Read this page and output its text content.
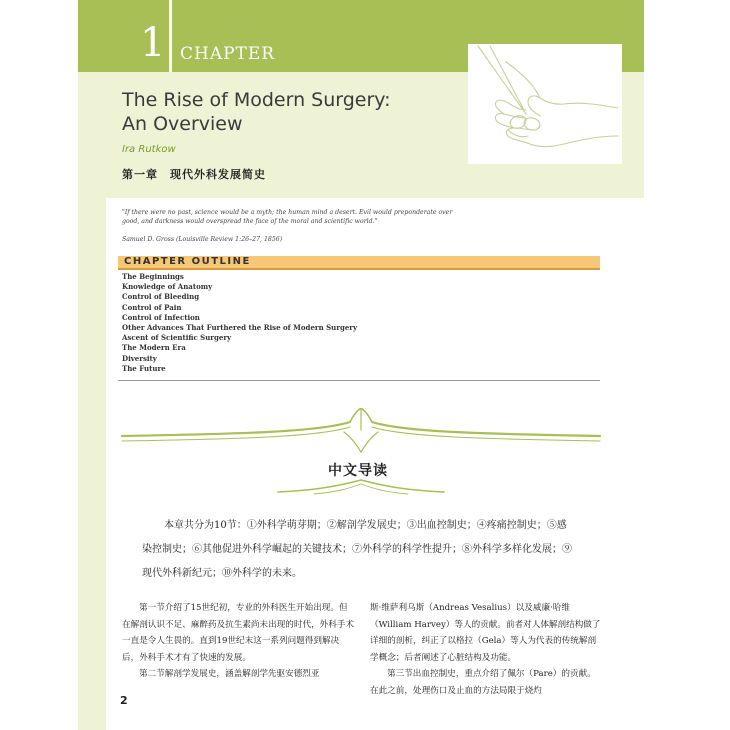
1 CHAPTER
The Rise of Modern Surgery:
An Overview
Ira Rutkow
第一章　现代外科发展简史
"If there were no past, science would be a myth; the human mind a desert. Evil would preponderate over good, and darkness would overspread the face of the moral and scientific world."
Samuel D. Gross (Louisville Review 1:26–27, 1856)
CHAPTER OUTLINE
The Beginnings
Knowledge of Anatomy
Control of Bleeding
Control of Pain
Control of Infection
Other Advances That Furthered the Rise of Modern Surgery
Ascent of Scientific Surgery
The Modern Era
Diversity
The Future
中文导读

本章共分为10节：①外科学萌芽期；②解剖学发展史；③出血控制史；④疼痛控制史；⑤感染控制史；⑥其他促进外科学崛起的关键技术；⑦外科学的科学性提升；⑧外科学多样化发展；⑨现代外科新纪元；⑩外科学的未来。

第一节介绍了15世纪初，专业的外科医生开始出现。但在解剖认识不足、麻醉药及抗生素尚未出现的时代，外科手术一直是令人生畏的。直到19世纪末这一系列问题得到解决后，外科手术才有了快速的发展。

第二节解剖学发展史，涵盖解剖学先驱安德烈亚

斯·维萨利乌斯（Andreas Vesalius）以及威廉·哈维（William Harvey）等人的贡献。前者对人体解剖结构做了详细的剖析，纠正了以格拉（Gela）等人为代表的传统解剖学概念；后者阐述了心脏结构及功能。

第三节出血控制史，重点介绍了佩尔（Pare）的贡献。在此之前，处理伤口及止血的方法局限于烧灼

2
